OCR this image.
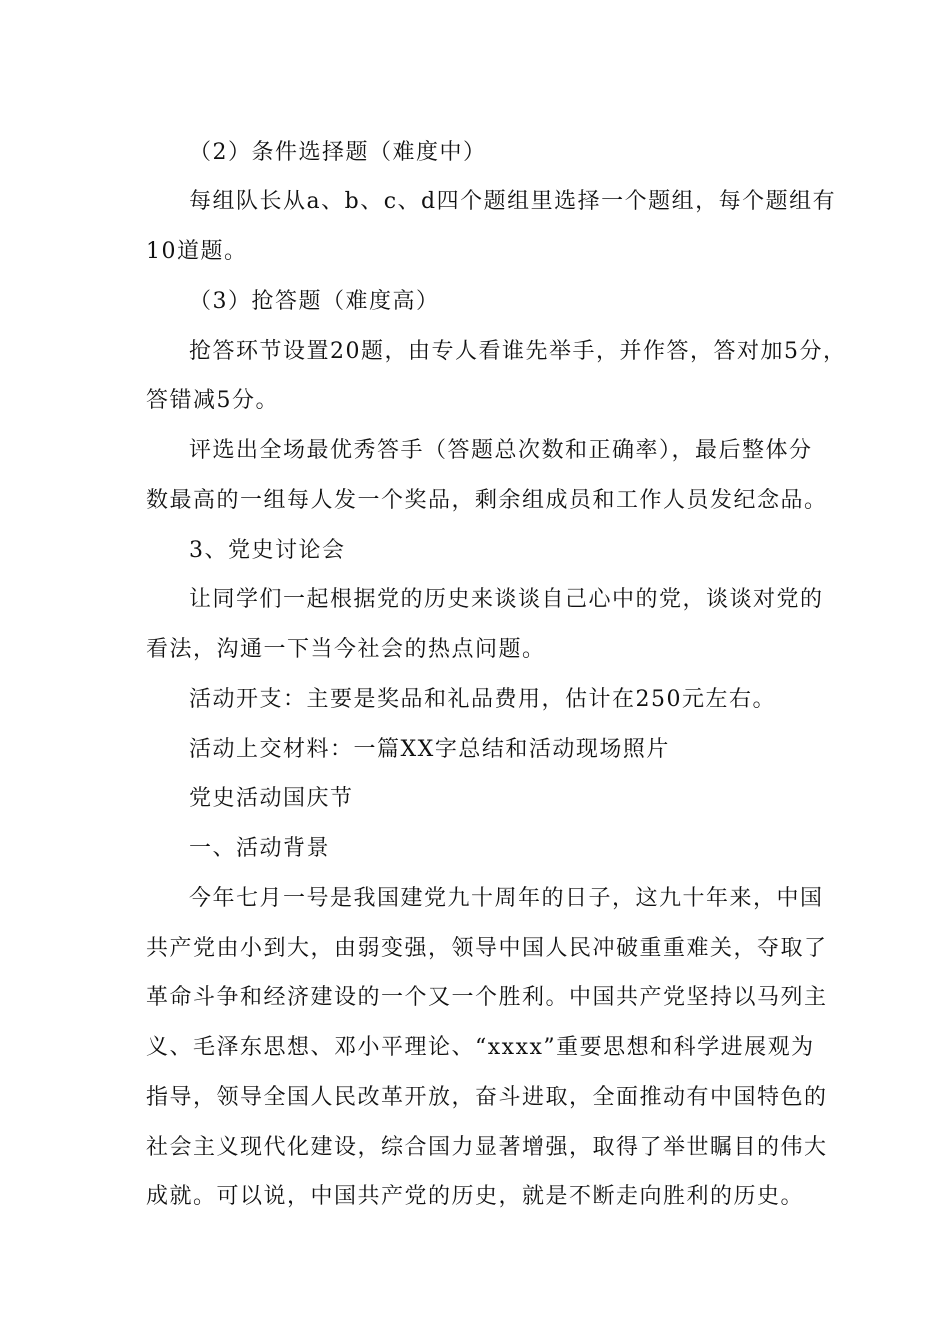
（2）条件选择题（难度中）
每组队长从a、b、c、d四个题组里选择一个题组，每个题组有
10道题。
（3）抢答题（难度高）
抢答环节设置20题，由专人看谁先举手，并作答，答对加5分，
答错减5分。
评选出全场最优秀答手（答题总次数和正确率），最后整体分
数最高的一组每人发一个奖品，剩余组成员和工作人员发纪念品。
3、党史讨论会
让同学们一起根据党的历史来谈谈自己心中的党，谈谈对党的
看法，沟通一下当今社会的热点问题。
活动开支：主要是奖品和礼品费用，估计在250元左右。
活动上交材料：一篇XX字总结和活动现场照片
党史活动国庆节
一、活动背景
今年七月一号是我国建党九十周年的日子，这九十年来，中国
共产党由小到大，由弱变强，领导中国人民冲破重重难关，夺取了
革命斗争和经济建设的一个又一个胜利。中国共产党坚持以马列主
义、毛泽东思想、邓小平理论、“xxxx”重要思想和科学进展观为
指导，领导全国人民改革开放，奋斗进取，全面推动有中国特色的
社会主义现代化建设，综合国力显著增强，取得了举世瞩目的伟大
成就。可以说，中国共产党的历史，就是不断走向胜利的历史。
